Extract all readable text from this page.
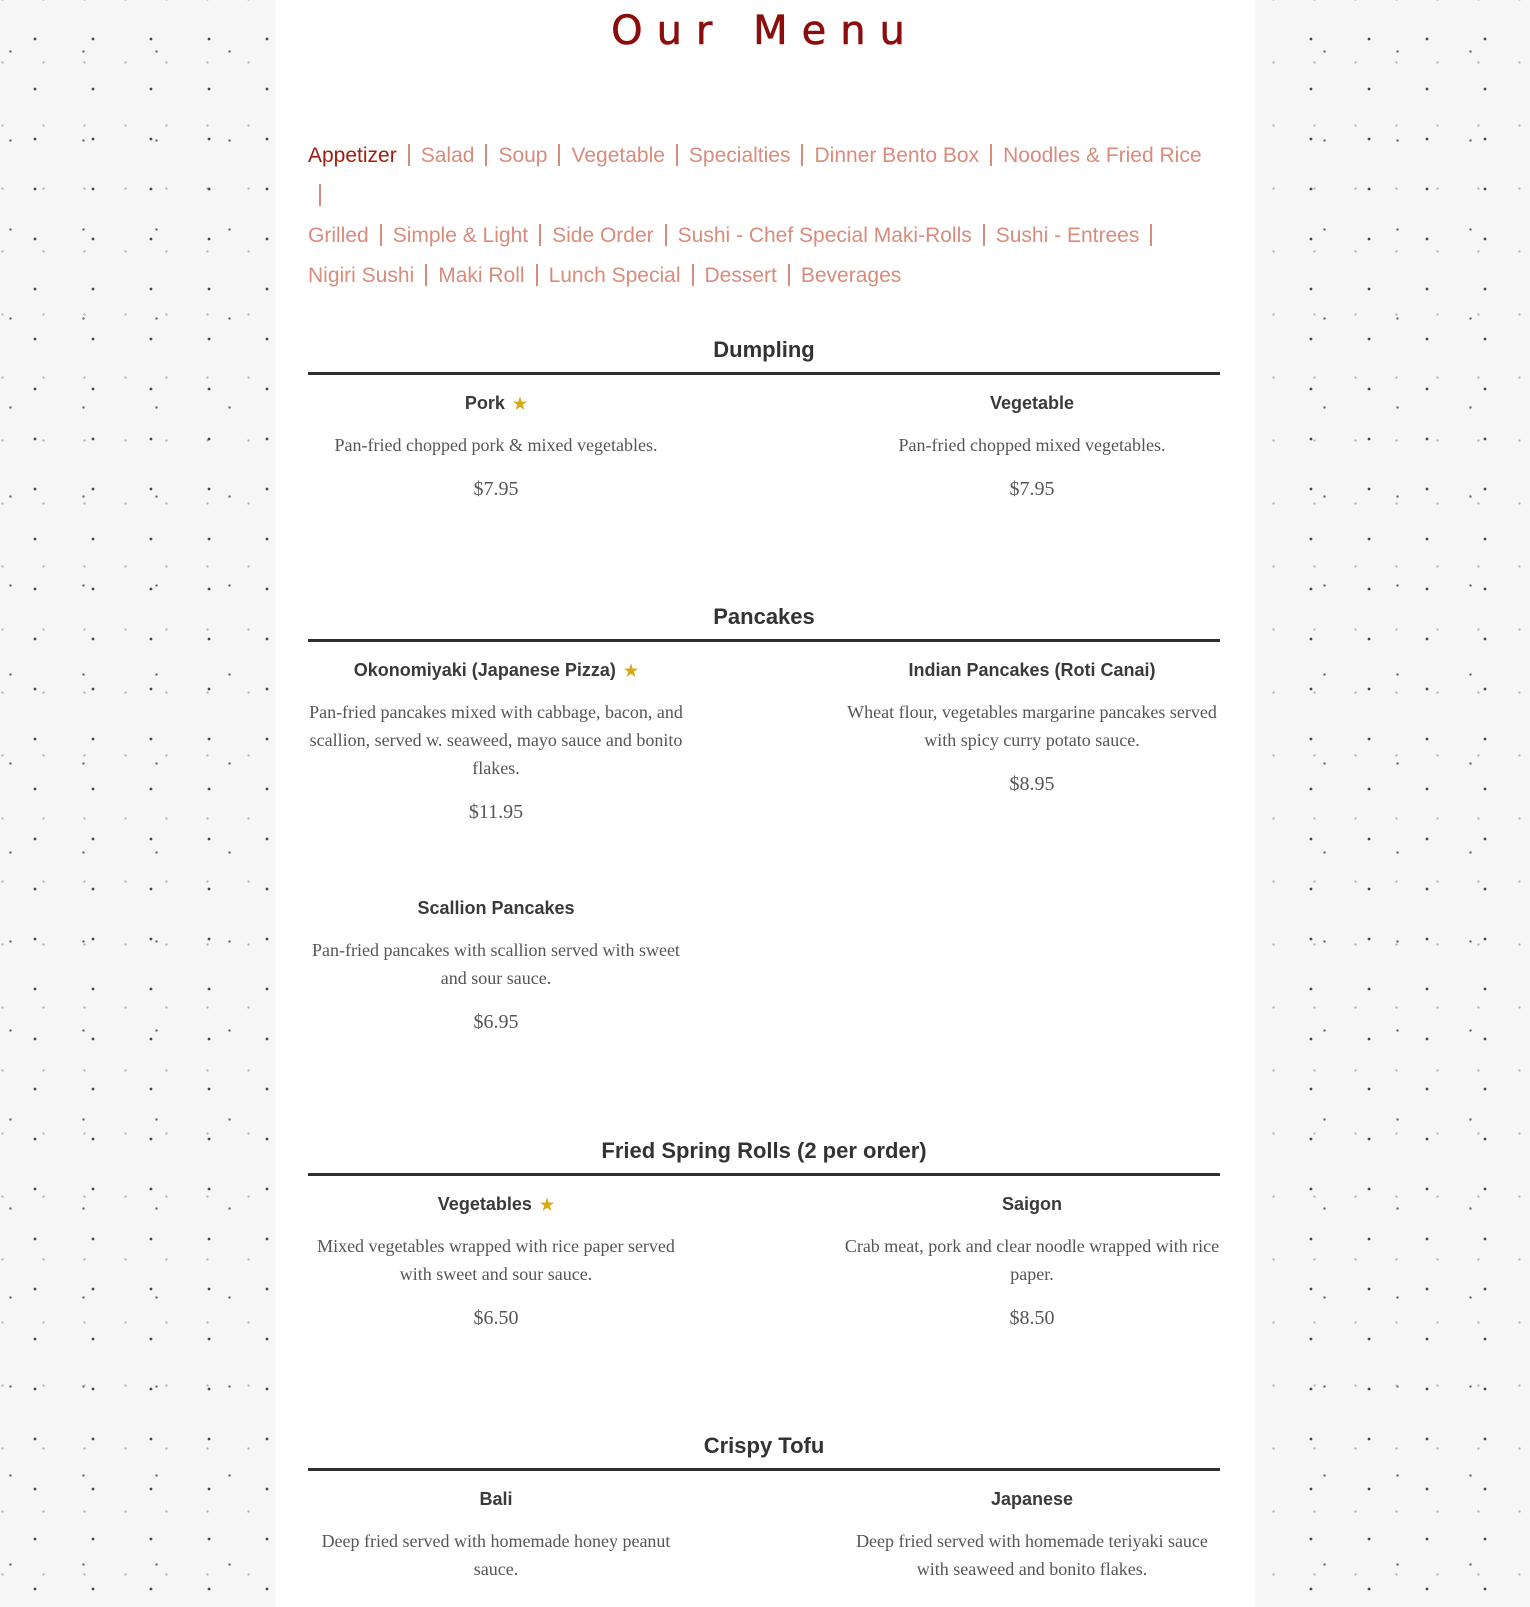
Our Menu
Appetizer Salad Soup Vegetable Specialties Dinner Bento Box Noodles & Fried Rice
Grilled Simple & Light Side Order Sushi - Chef Special Maki-Rolls Sushi - Entrees
Nigiri Sushi Maki Roll Lunch Special Dessert Beverages
Dumpling
Pork ★
Pan-fried chopped pork & mixed vegetables.
$7.95
Vegetable
Pan-fried chopped mixed vegetables.
$7.95
Pancakes
Okonomiyaki (Japanese Pizza) ★
Pan-fried pancakes mixed with cabbage, bacon, and scallion, served w. seaweed, mayo sauce and bonito flakes.
$11.95
Indian Pancakes (Roti Canai)
Wheat flour, vegetables margarine pancakes served with spicy curry potato sauce.
$8.95
Scallion Pancakes
Pan-fried pancakes with scallion served with sweet and sour sauce.
$6.95
Fried Spring Rolls (2 per order)
Vegetables ★
Mixed vegetables wrapped with rice paper served with sweet and sour sauce.
$6.50
Saigon
Crab meat, pork and clear noodle wrapped with rice paper.
$8.50
Crispy Tofu
Bali
Deep fried served with homemade honey peanut sauce.
Japanese
Deep fried served with homemade teriyaki sauce with seaweed and bonito flakes.
